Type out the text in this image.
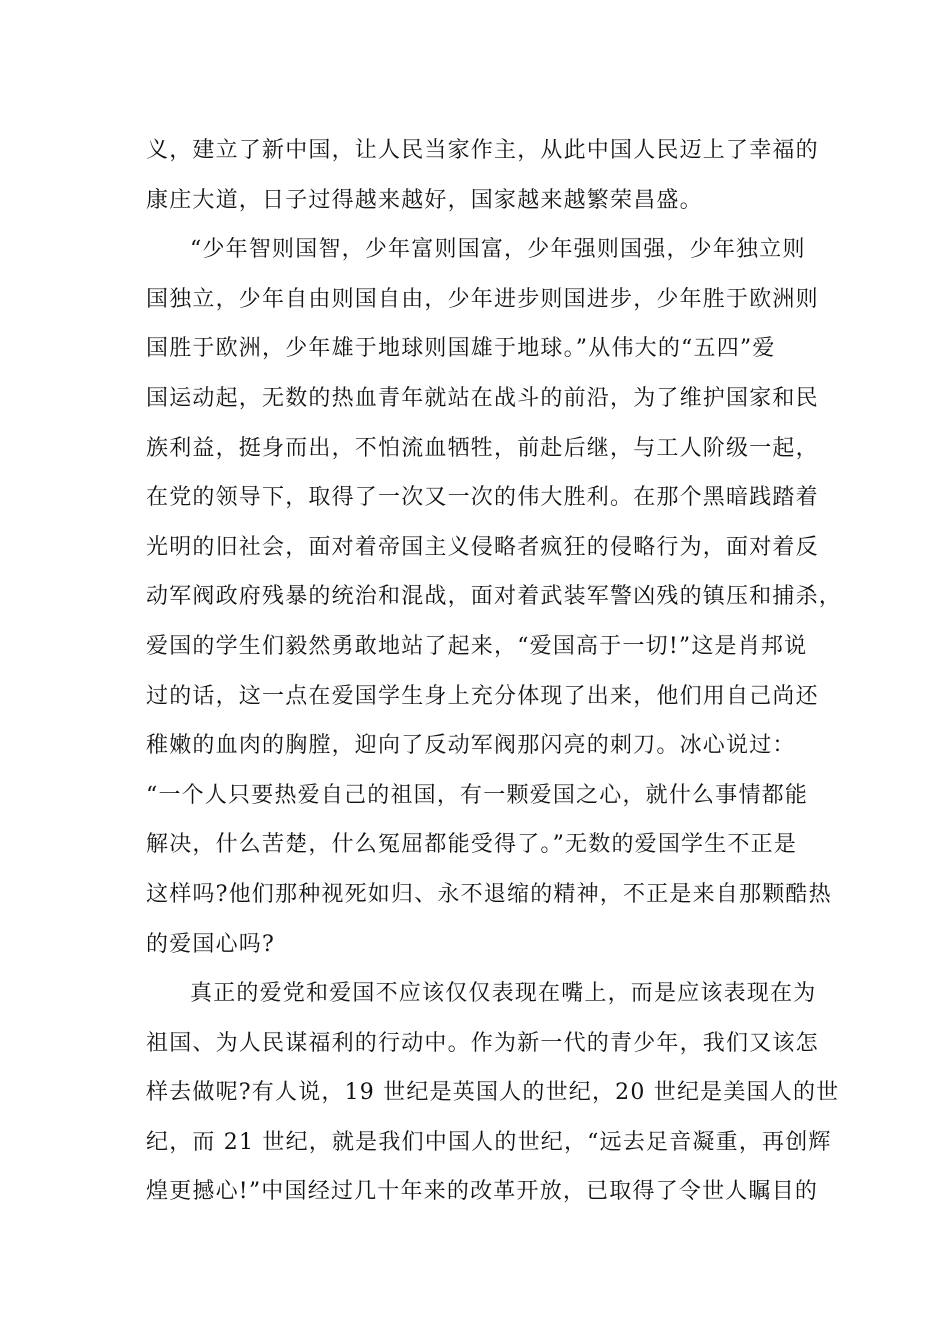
义，建立了新中国，让人民当家作主，从此中国人民迈上了幸福的
康庄大道，日子过得越来越好，国家越来越繁荣昌盛。
“少年智则国智，少年富则国富，少年强则国强，少年独立则
国独立，少年自由则国自由，少年进步则国进步，少年胜于欧洲则
国胜于欧洲，少年雄于地球则国雄于地球。”从伟大的“五四”爱
国运动起，无数的热血青年就站在战斗的前沿，为了维护国家和民
族利益，挺身而出，不怕流血牺牲，前赴后继，与工人阶级一起，
在党的领导下，取得了一次又一次的伟大胜利。在那个黑暗践踏着
光明的旧社会，面对着帝国主义侵略者疯狂的侵略行为，面对着反
动军阀政府残暴的统治和混战，面对着武装军警凶残的镇压和捕杀，
爱国的学生们毅然勇敢地站了起来，“爱国高于一切!”这是肖邦说
过的话，这一点在爱国学生身上充分体现了出来，他们用自己尚还
稚嫩的血肉的胸膛，迎向了反动军阀那闪亮的刺刀。冰心说过：
“一个人只要热爱自己的祖国，有一颗爱国之心，就什么事情都能
解决，什么苦楚，什么冤屈都能受得了。”无数的爱国学生不正是
这样吗?他们那种视死如归、永不退缩的精神，不正是来自那颗酷热
的爱国心吗?
真正的爱党和爱国不应该仅仅表现在嘴上，而是应该表现在为
祖国、为人民谋福利的行动中。作为新一代的青少年，我们又该怎
样去做呢?有人说，19 世纪是英国人的世纪，20 世纪是美国人的世
纪，而 21 世纪，就是我们中国人的世纪，“远去足音凝重，再创辉
煌更撼心!”中国经过几十年来的改革开放，已取得了令世人瞩目的
